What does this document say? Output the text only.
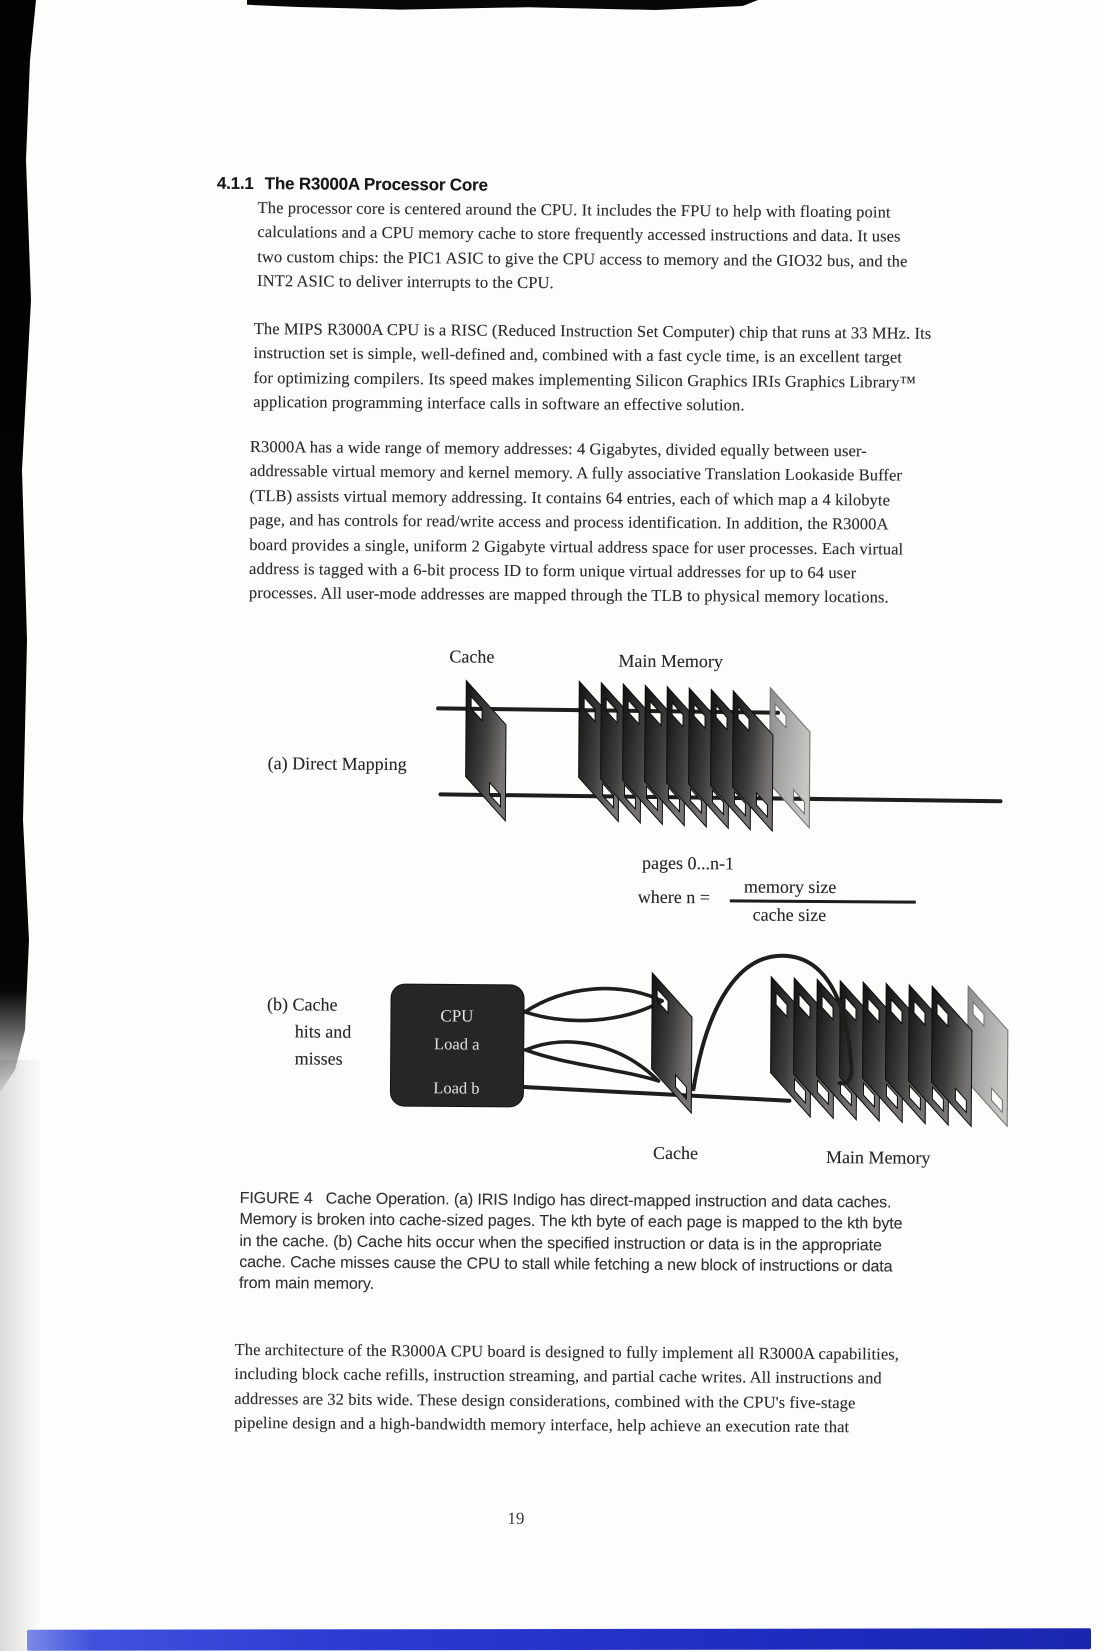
4.1.1 The R3000A Processor Core

The processor core is centered around the CPU. It includes the FPU to help with floating point
calculations and a CPU memory cache to store frequently accessed instructions and data. It uses
two custom chips: the PIC1 ASIC to give the CPU access to memory and the GIO32 bus, and the
INT2 ASIC to deliver interrupts to the CPU.
The MIPS R3000A CPU is a RISC (Reduced Instruction Set Computer) chip that runs at 33 MHz. Its
instruction set is simple, well-defined and, combined with a fast cycle time, is an excellent target
for optimizing compilers. Its speed makes implementing Silicon Graphics IRIs Graphics Library™
application programming interface calls in software an effective solution.
R3000A has a wide range of memory addresses: 4 Gigabytes, divided equally between user-
addressable virtual memory and kernel memory. A fully associative Translation Lookaside Buffer
(TLB) assists virtual memory addressing. It contains 64 entries, each of which map a 4 kilobyte
page, and has controls for read/write access and process identification. In addition, the R3000A
board provides a single, uniform 2 Gigabyte virtual address space for user processes. Each virtual
address is tagged with a 6-bit process ID to form unique virtual addresses for up to 64 user
processes. All user-mode addresses are mapped through the TLB to physical memory locations.
Cache	Main Memory
(a) Direct Mapping
pages 0...n-1
where n = memory size
cache size
(b) Cache
hits and
misses
CPU
Load a
Load b
Cache	Main Memory
FIGURE 4   Cache Operation. (a) IRIS Indigo has direct-mapped instruction and data caches.
Memory is broken into cache-sized pages. The kth byte of each page is mapped to the kth byte
in the cache. (b) Cache hits occur when the specified instruction or data is in the appropriate
cache. Cache misses cause the CPU to stall while fetching a new block of instructions or data
from main memory.
The architecture of the R3000A CPU board is designed to fully implement all R3000A capabilities,
including block cache refills, instruction streaming, and partial cache writes. All instructions and
addresses are 32 bits wide. These design considerations, combined with the CPU's five-stage
pipeline design and a high-bandwidth memory interface, help achieve an execution rate that
19
